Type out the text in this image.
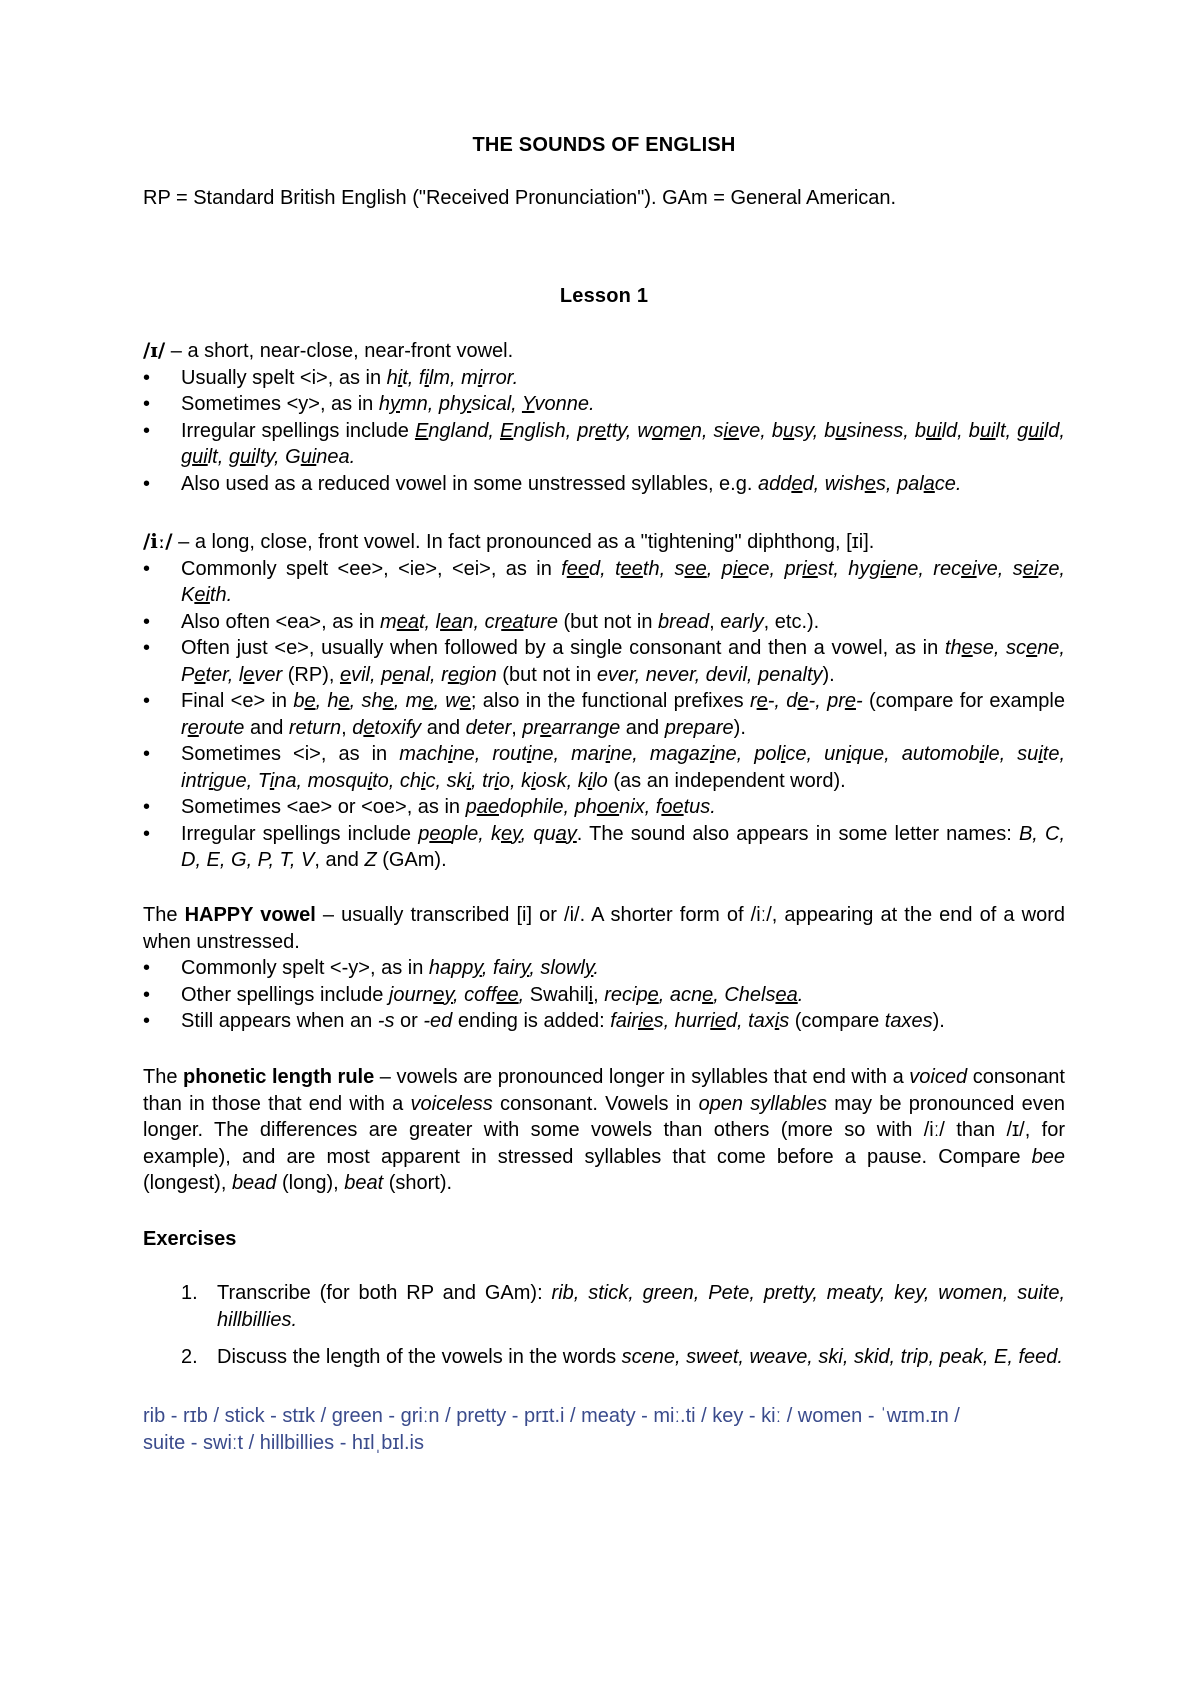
THE SOUNDS OF ENGLISH
RP = Standard British English ("Received Pronunciation"). GAm = General American.
Lesson 1
/ɪ/ – a short, near-close, near-front vowel.
• Usually spelt <i>, as in hit, film, mirror.
• Sometimes <y>, as in hymn, physical, Yvonne.
• Irregular spellings include England, English, pretty, women, sieve, busy, business, build, built, guild, guilt, guilty, Guinea.
• Also used as a reduced vowel in some unstressed syllables, e.g. added, wishes, palace.
/iː/ – a long, close, front vowel. In fact pronounced as a "tightening" diphthong, [ɪi].
• Commonly spelt <ee>, <ie>, <ei>, as in feed, teeth, see, piece, priest, hygiene, receive, seize, Keith.
• Also often <ea>, as in meat, lean, creature (but not in bread, early, etc.).
• Often just <e>, usually when followed by a single consonant and then a vowel, as in these, scene, Peter, lever (RP), evil, penal, region (but not in ever, never, devil, penalty).
• Final <e> in be, he, she, me, we; also in the functional prefixes re-, de-, pre- (compare for example reroute and return, detoxify and deter, prearrange and prepare).
• Sometimes <i>, as in machine, routine, marine, magazine, police, unique, automobile, suite, intrigue, Tina, mosquito, chic, ski, trio, kiosk, kilo (as an independent word).
• Sometimes <ae> or <oe>, as in paedophile, phoenix, foetus.
• Irregular spellings include people, key, quay. The sound also appears in some letter names: B, C, D, E, G, P, T, V, and Z (GAm).
The HAPPY vowel – usually transcribed [i] or /i/. A shorter form of /iː/, appearing at the end of a word when unstressed.
• Commonly spelt <-y>, as in happy, fairy, slowly.
• Other spellings include journey, coffee, Swahili, recipe, acne, Chelsea.
• Still appears when an -s or -ed ending is added: fairies, hurried, taxis (compare taxes).
The phonetic length rule – vowels are pronounced longer in syllables that end with a voiced consonant than in those that end with a voiceless consonant. Vowels in open syllables may be pronounced even longer. The differences are greater with some vowels than others (more so with /iː/ than /ɪ/, for example), and are most apparent in stressed syllables that come before a pause. Compare bee (longest), bead (long), beat (short).
Exercises
1. Transcribe (for both RP and GAm): rib, stick, green, Pete, pretty, meaty, key, women, suite, hillbillies.
2. Discuss the length of the vowels in the words scene, sweet, weave, ski, skid, trip, peak, E, feed.
rib - rɪb / stick - stɪk / green - griːn / pretty - prɪt.i / meaty - miː.ti / key - kiː / women - ˈwɪm.ɪn /
suite - swiːt / hillbillies - hɪlˌbɪl.is
